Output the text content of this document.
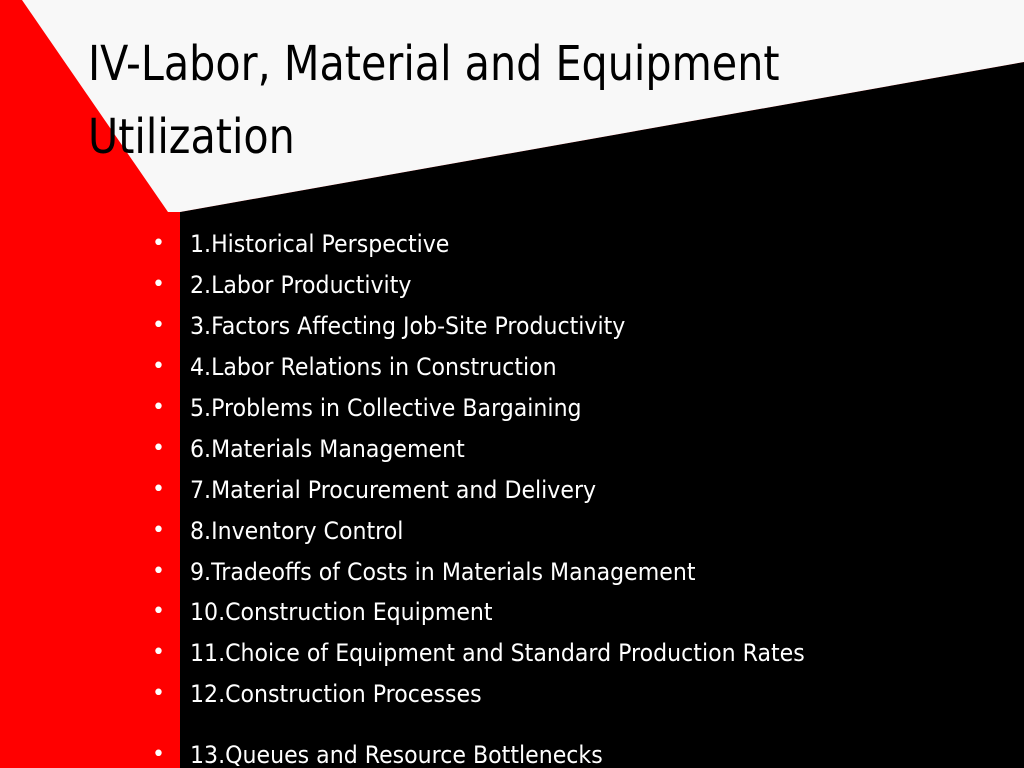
IV-Labor, Material and Equipment
Utilization
• 1.Historical Perspective
• 2.Labor Productivity
• 3.Factors Affecting Job-Site Productivity
• 4.Labor Relations in Construction
• 5.Problems in Collective Bargaining
• 6.Materials Management
• 7.Material Procurement and Delivery
• 8.Inventory Control
• 9.Tradeoffs of Costs in Materials Management
• 10.Construction Equipment
• 11.Choice of Equipment and Standard Production Rates
• 12.Construction Processes
• 13.Queues and Resource Bottlenecks
